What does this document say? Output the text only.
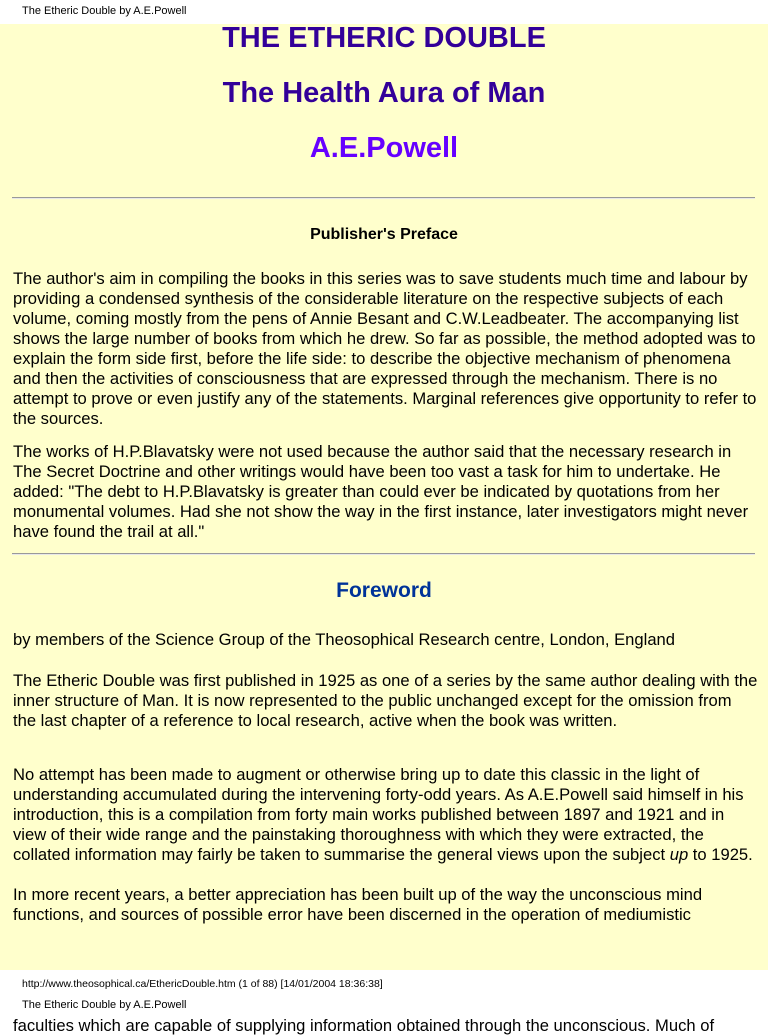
The Etheric Double by A.E.Powell
THE ETHERIC DOUBLE
The Health Aura of Man
A.E.Powell
Publisher's Preface

The author's aim in compiling the books in this series was to save students much time and labour by providing a condensed synthesis of the considerable literature on the respective subjects of each volume, coming mostly from the pens of Annie Besant and C.W.Leadbeater. The accompanying list shows the large number of books from which he drew. So far as possible, the method adopted was to explain the form side first, before the life side: to describe the objective mechanism of phenomena and then the activities of consciousness that are expressed through the mechanism. There is no attempt to prove or even justify any of the statements. Marginal references give opportunity to refer to the sources.

The works of H.P.Blavatsky were not used because the author said that the necessary research in The Secret Doctrine and other writings would have been too vast a task for him to undertake. He added: "The debt to H.P.Blavatsky is greater than could ever be indicated by quotations from her monumental volumes. Had she not show the way in the first instance, later investigators might never have found the trail at all."

Foreword

by members of the Science Group of the Theosophical Research centre, London, England

The Etheric Double was first published in 1925 as one of a series by the same author dealing with the inner structure of Man. It is now represented to the public unchanged except for the omission from the last chapter of a reference to local research, active when the book was written.

No attempt has been made to augment or otherwise bring up to date this classic in the light of understanding accumulated during the intervening forty-odd years. As A.E.Powell said himself in his introduction, this is a compilation from forty main works published between 1897 and 1921 and in view of their wide range and the painstaking thoroughness with which they were extracted, the collated information may fairly be taken to summarise the general views upon the subject up to 1925.

In more recent years, a better appreciation has been built up of the way the unconscious mind functions, and sources of possible error have been discerned in the operation of mediumistic

http://www.theosophical.ca/EthericDouble.htm (1 of 88) [14/01/2004 18:36:38]
The Etheric Double by A.E.Powell
faculties which are capable of supplying information obtained through the unconscious. Much of
